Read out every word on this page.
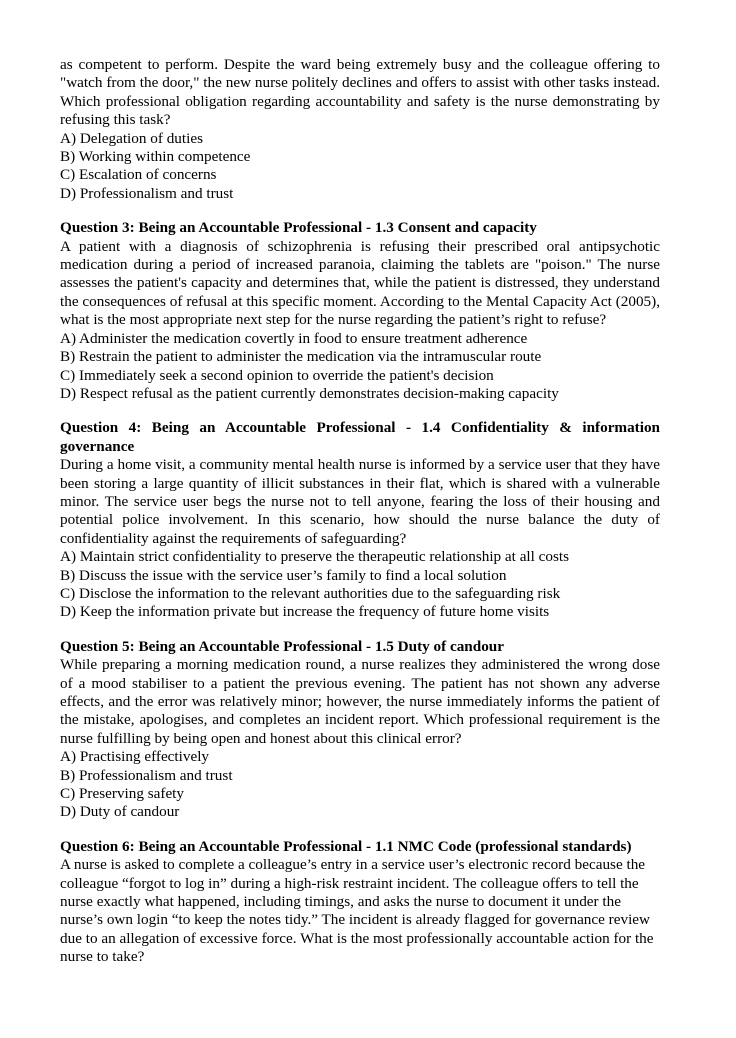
as competent to perform. Despite the ward being extremely busy and the colleague offering to "watch from the door," the new nurse politely declines and offers to assist with other tasks instead. Which professional obligation regarding accountability and safety is the nurse demonstrating by refusing this task?

A) Delegation of duties

B) Working within competence

C) Escalation of concerns

D) Professionalism and trust

Question 3: Being an Accountable Professional - 1.3 Consent and capacity

A patient with a diagnosis of schizophrenia is refusing their prescribed oral antipsychotic medication during a period of increased paranoia, claiming the tablets are "poison." The nurse assesses the patient's capacity and determines that, while the patient is distressed, they understand the consequences of refusal at this specific moment. According to the Mental Capacity Act (2005), what is the most appropriate next step for the nurse regarding the patient’s right to refuse?

A) Administer the medication covertly in food to ensure treatment adherence

B) Restrain the patient to administer the medication via the intramuscular route

C) Immediately seek a second opinion to override the patient's decision

D) Respect refusal as the patient currently demonstrates decision-making capacity

Question 4: Being an Accountable Professional - 1.4 Confidentiality & information governance

During a home visit, a community mental health nurse is informed by a service user that they have been storing a large quantity of illicit substances in their flat, which is shared with a vulnerable minor. The service user begs the nurse not to tell anyone, fearing the loss of their housing and potential police involvement. In this scenario, how should the nurse balance the duty of confidentiality against the requirements of safeguarding?

A) Maintain strict confidentiality to preserve the therapeutic relationship at all costs

B) Discuss the issue with the service user’s family to find a local solution

C) Disclose the information to the relevant authorities due to the safeguarding risk

D) Keep the information private but increase the frequency of future home visits

Question 5: Being an Accountable Professional - 1.5 Duty of candour

While preparing a morning medication round, a nurse realizes they administered the wrong dose of a mood stabiliser to a patient the previous evening. The patient has not shown any adverse effects, and the error was relatively minor; however, the nurse immediately informs the patient of the mistake, apologises, and completes an incident report. Which professional requirement is the nurse fulfilling by being open and honest about this clinical error?

A) Practising effectively

B) Professionalism and trust

C) Preserving safety

D) Duty of candour

Question 6: Being an Accountable Professional - 1.1 NMC Code (professional standards)

A nurse is asked to complete a colleague’s entry in a service user’s electronic record because the colleague “forgot to log in” during a high-risk restraint incident. The colleague offers to tell the nurse exactly what happened, including timings, and asks the nurse to document it under the nurse’s own login “to keep the notes tidy.” The incident is already flagged for governance review due to an allegation of excessive force. What is the most professionally accountable action for the nurse to take?
